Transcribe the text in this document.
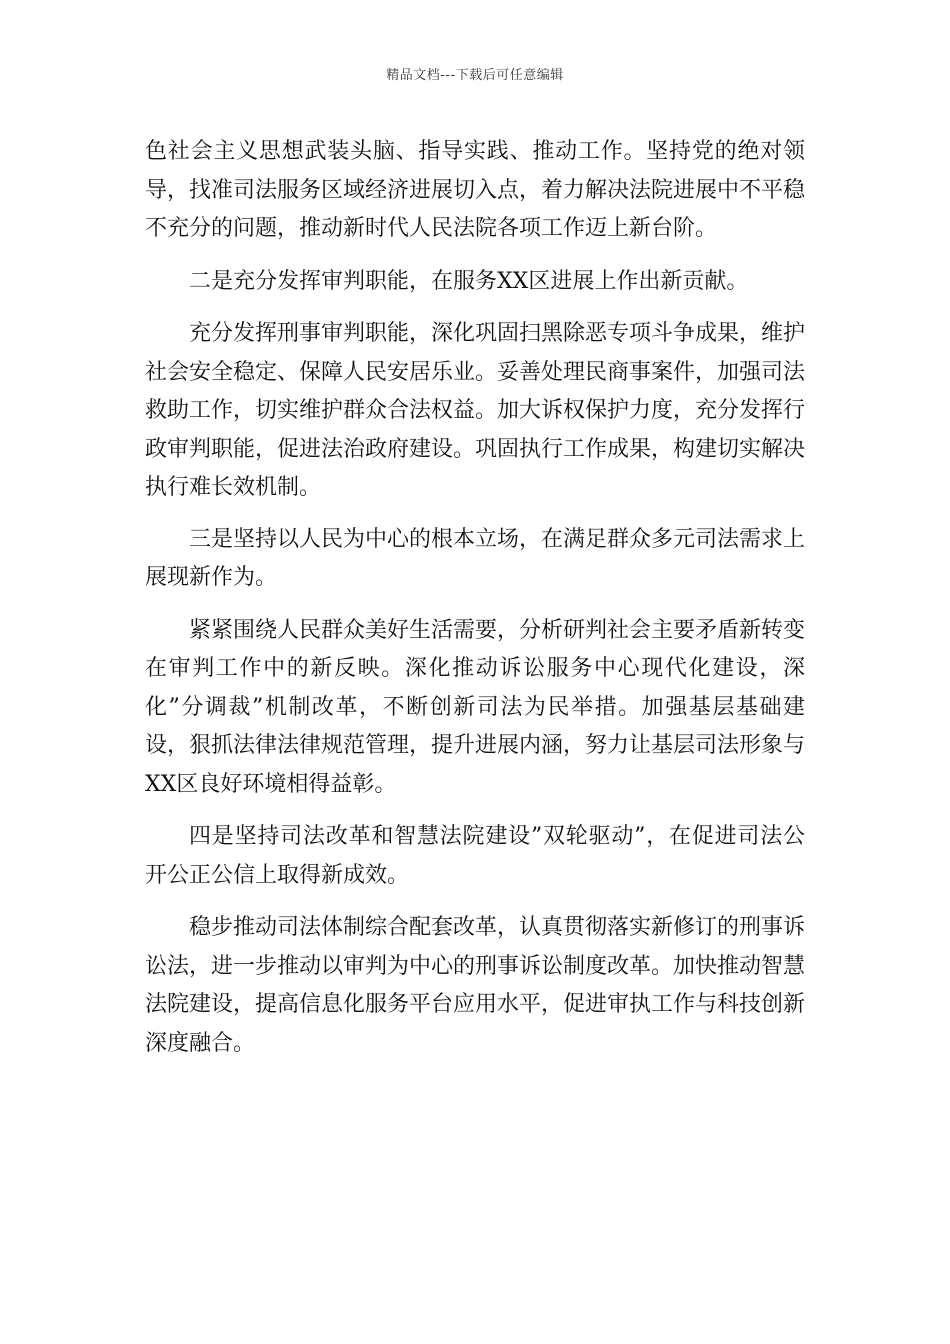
精品文档---下载后可任意编辑

色社会主义思想武装头脑、指导实践、推动工作。坚持党的绝对领导，找准司法服务区域经济进展切入点，着力解决法院进展中不平稳不充分的问题，推动新时代人民法院各项工作迈上新台阶。

二是充分发挥审判职能，在服务XX区进展上作出新贡献。

充分发挥刑事审判职能，深化巩固扫黑除恶专项斗争成果，维护社会安全稳定、保障人民安居乐业。妥善处理民商事案件，加强司法救助工作，切实维护群众合法权益。加大诉权保护力度，充分发挥行政审判职能，促进法治政府建设。巩固执行工作成果，构建切实解决执行难长效机制。

三是坚持以人民为中心的根本立场，在满足群众多元司法需求上展现新作为。

紧紧围绕人民群众美好生活需要，分析研判社会主要矛盾新转变在审判工作中的新反映。深化推动诉讼服务中心现代化建设，深化”分调裁”机制改革，不断创新司法为民举措。加强基层基础建设，狠抓法律法律规范管理，提升进展内涵，努力让基层司法形象与XX区良好环境相得益彰。

四是坚持司法改革和智慧法院建设”双轮驱动”，在促进司法公开公正公信上取得新成效。

稳步推动司法体制综合配套改革，认真贯彻落实新修订的刑事诉讼法，进一步推动以审判为中心的刑事诉讼制度改革。加快推动智慧法院建设，提高信息化服务平台应用水平，促进审执工作与科技创新深度融合。
